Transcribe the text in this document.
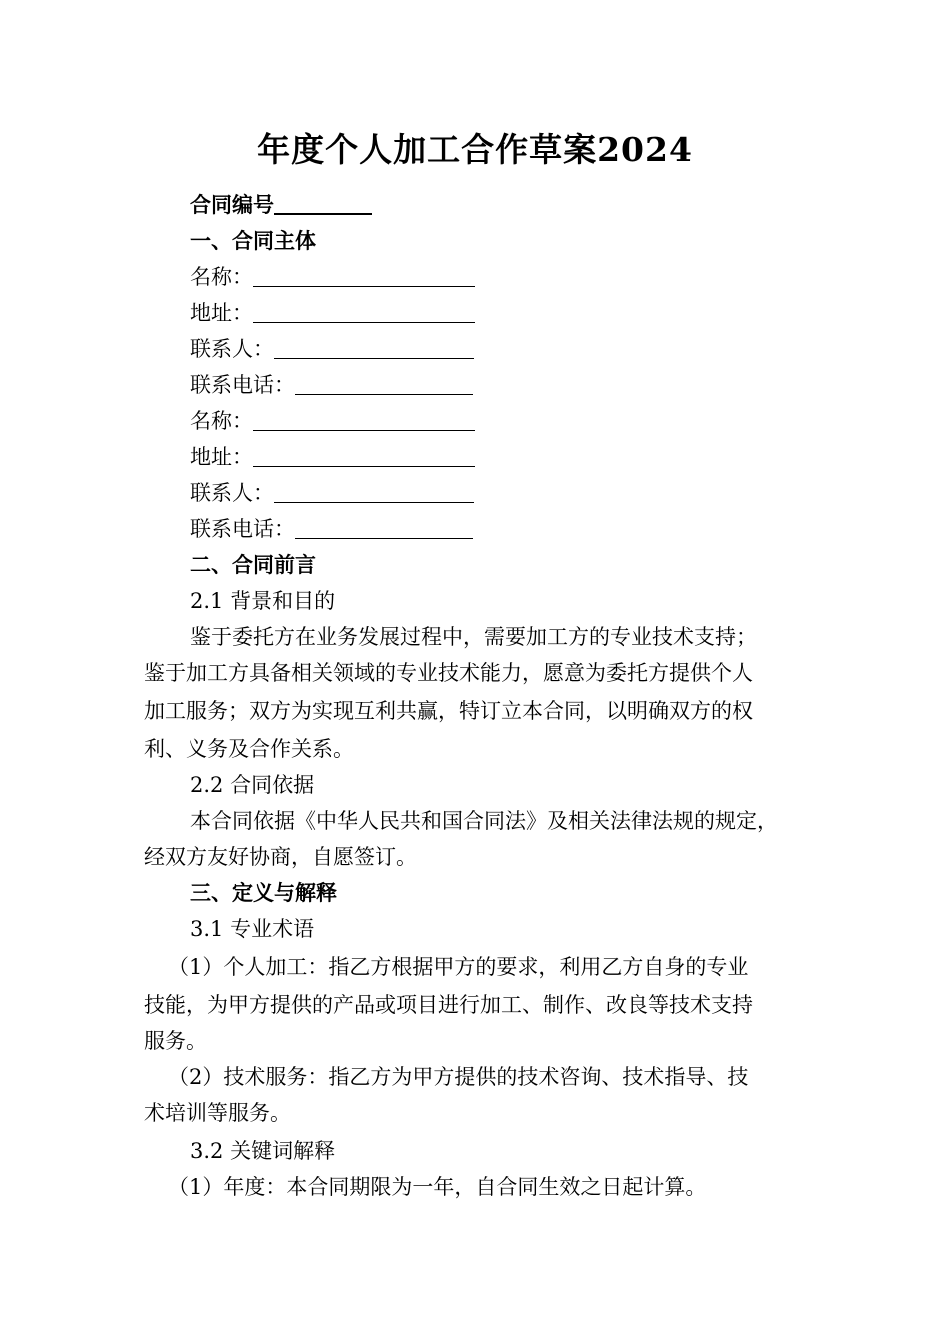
年度个人加工合作草案2024
合同编号
一、合同主体
名称：
地址：
联系人：
联系电话：
名称：
地址：
联系人：
联系电话：
二、合同前言
2.1 背景和目的
鉴于委托方在业务发展过程中，需要加工方的专业技术支持；
鉴于加工方具备相关领域的专业技术能力，愿意为委托方提供个人
加工服务；双方为实现互利共赢，特订立本合同，以明确双方的权
利、义务及合作关系。
2.2 合同依据
本合同依据《中华人民共和国合同法》及相关法律法规的规定，
经双方友好协商，自愿签订。
三、定义与解释
3.1 专业术语
（1）个人加工：指乙方根据甲方的要求，利用乙方自身的专业
技能，为甲方提供的产品或项目进行加工、制作、改良等技术支持
服务。
（2）技术服务：指乙方为甲方提供的技术咨询、技术指导、技
术培训等服务。
3.2 关键词解释
（1）年度：本合同期限为一年，自合同生效之日起计算。
